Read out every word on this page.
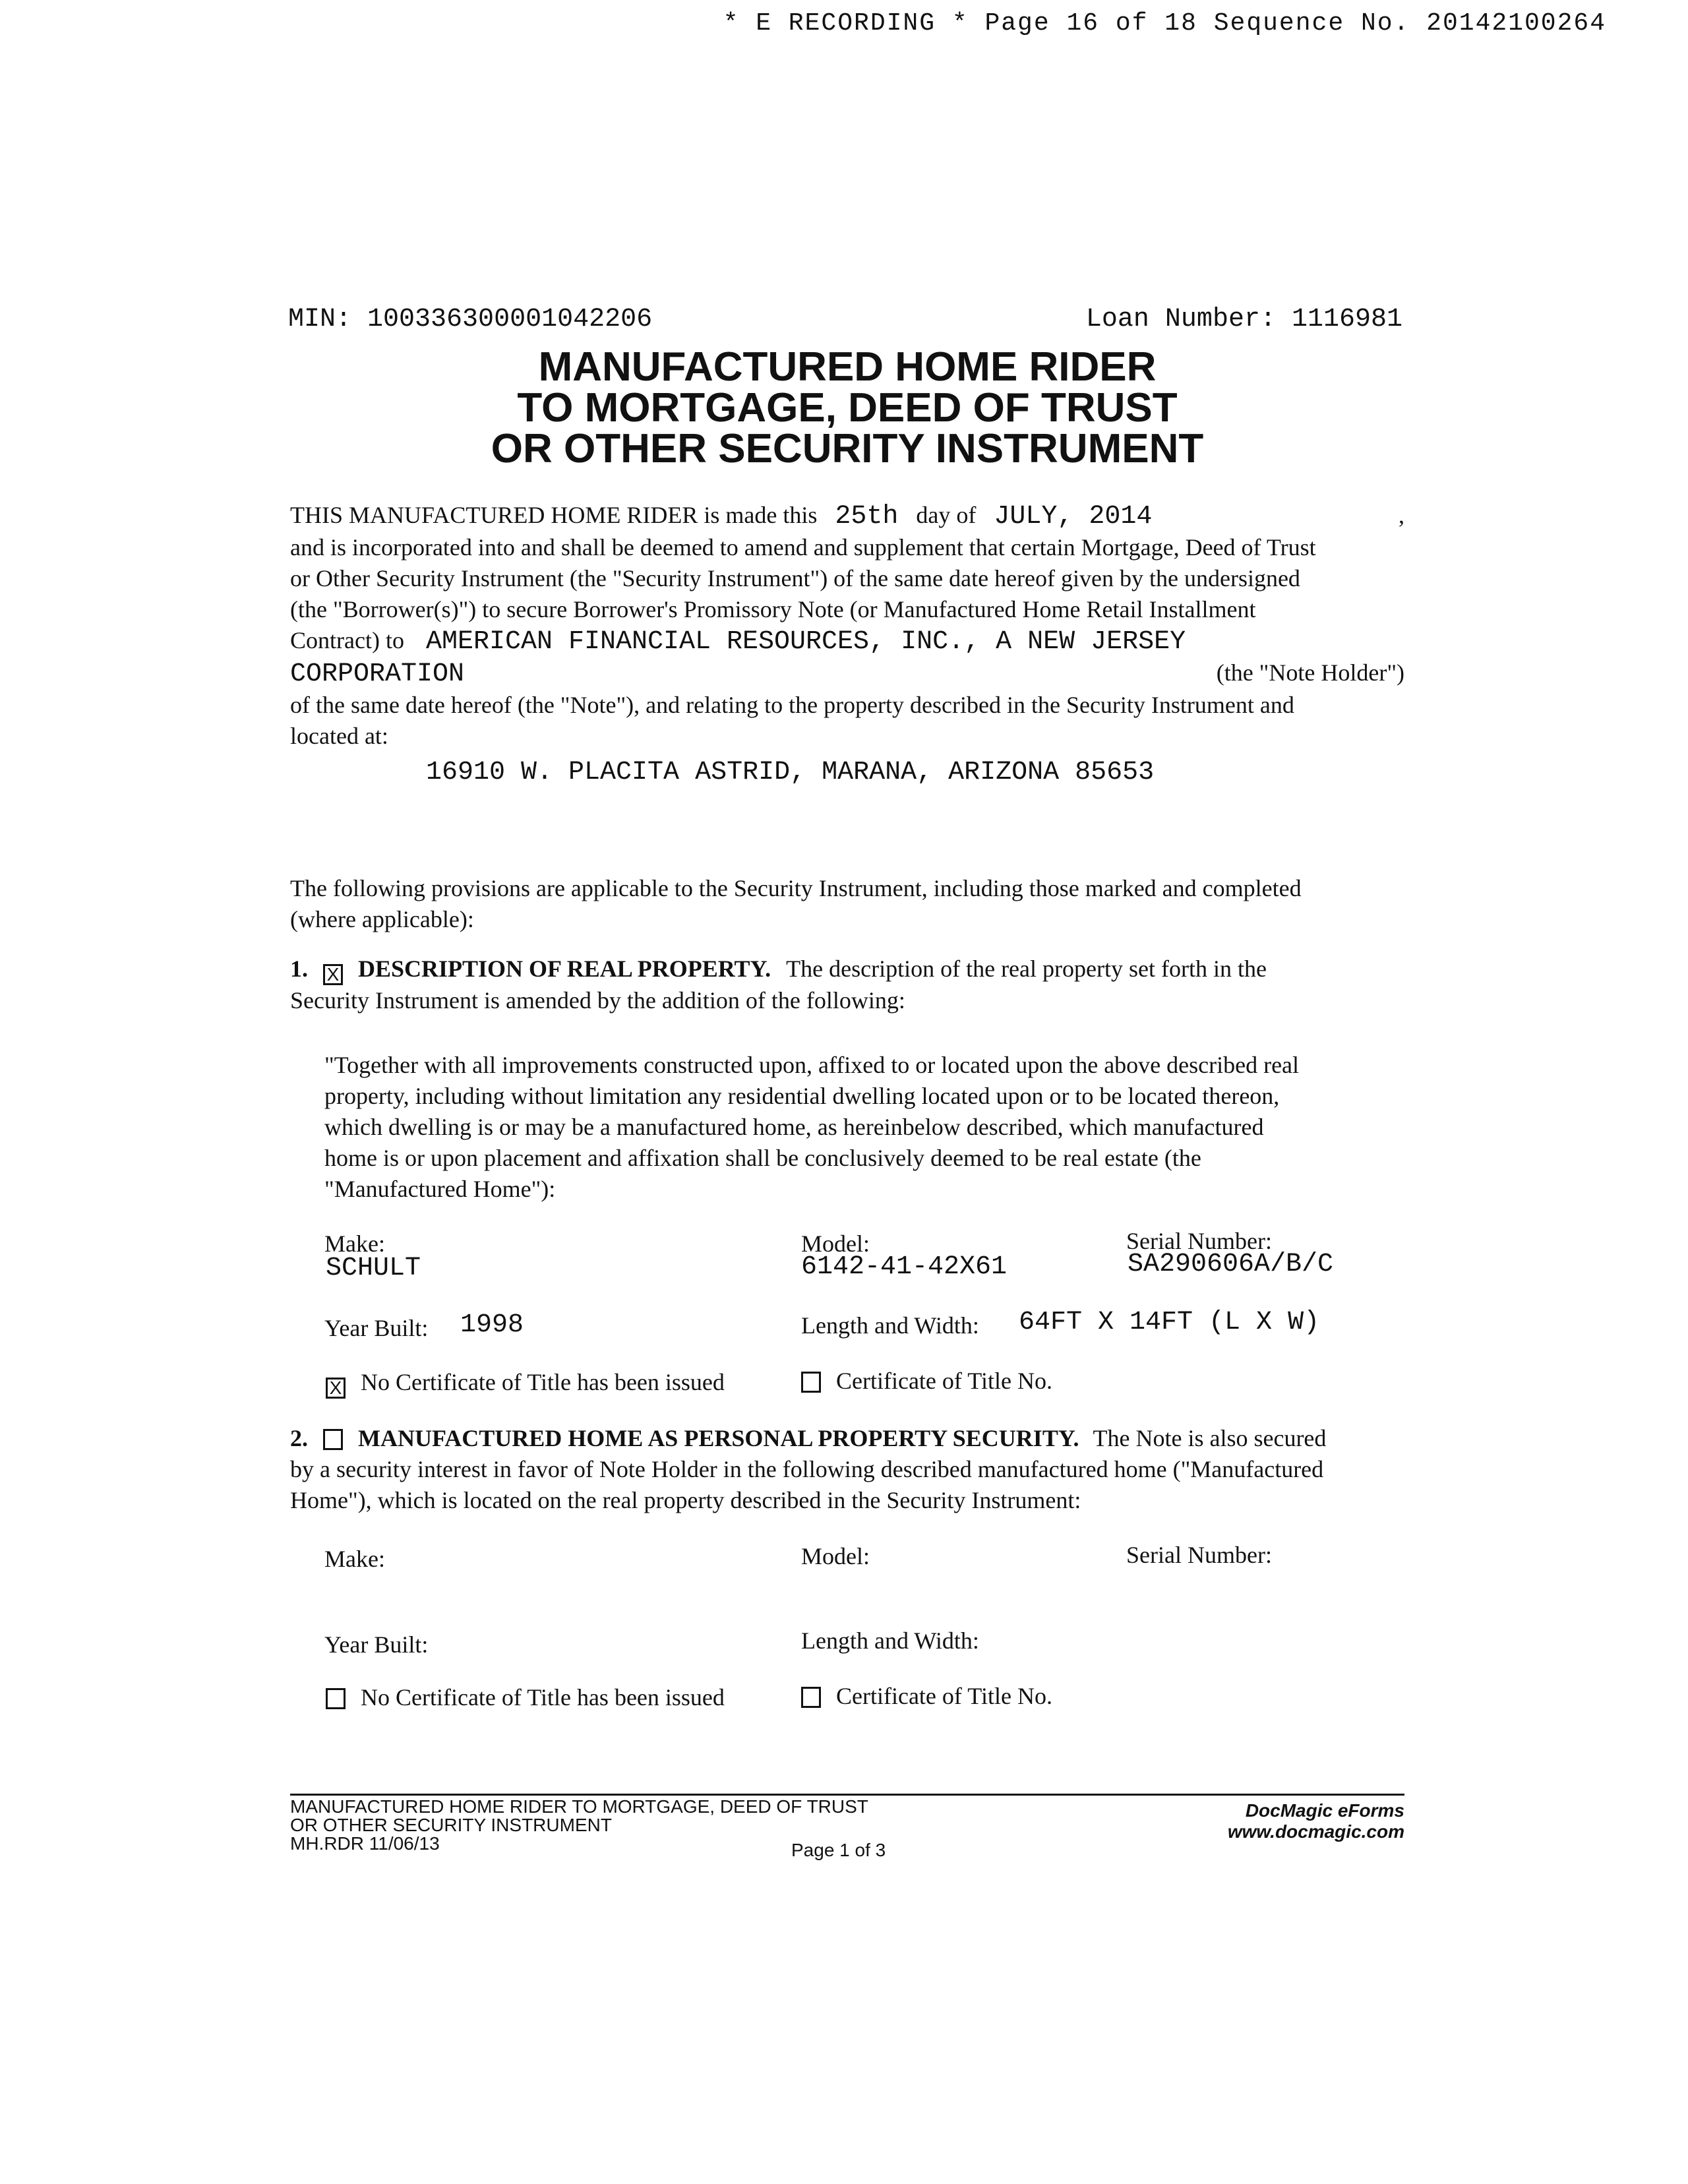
* E RECORDING * Page 16 of 18 Sequence No. 20142100264
MIN: 100336300001042206	Loan Number: 1116981
MANUFACTURED HOME RIDER
TO MORTGAGE, DEED OF TRUST
OR OTHER SECURITY INSTRUMENT
THIS MANUFACTURED HOME RIDER is made this 25th day of JULY, 2014	,
and is incorporated into and shall be deemed to amend and supplement that certain Mortgage, Deed of Trust
or Other Security Instrument (the "Security Instrument") of the same date hereof given by the undersigned
(the "Borrower(s)") to secure Borrower's Promissory Note (or Manufactured Home Retail Installment
Contract) to AMERICAN FINANCIAL RESOURCES, INC., A NEW JERSEY
CORPORATION	(the "Note Holder")
of the same date hereof (the "Note"), and relating to the property described in the Security Instrument and
located at:
16910 W. PLACITA ASTRID, MARANA, ARIZONA 85653
The following provisions are applicable to the Security Instrument, including those marked and completed
(where applicable):
1. X DESCRIPTION OF REAL PROPERTY. The description of the real property set forth in the
Security Instrument is amended by the addition of the following:
"Together with all improvements constructed upon, affixed to or located upon the above described real
property, including without limitation any residential dwelling located upon or to be located thereon,
which dwelling is or may be a manufactured home, as hereinbelow described, which manufactured
home is or upon placement and affixation shall be conclusively deemed to be real estate (the
"Manufactured Home"):
Make:
SCHULT
Model:
6142-41-42X61
Serial Number:
SA290606A/B/C
Year Built: 1998	Length and Width: 64FT X 14FT (L X W)
X No Certificate of Title has been issued	Certificate of Title No.
2. MANUFACTURED HOME AS PERSONAL PROPERTY SECURITY. The Note is also secured
by a security interest in favor of Note Holder in the following described manufactured home ("Manufactured
Home"), which is located on the real property described in the Security Instrument:
Make:	Model:	Serial Number:
Year Built:	Length and Width:
No Certificate of Title has been issued	Certificate of Title No.
MANUFACTURED HOME RIDER TO MORTGAGE, DEED OF TRUST
OR OTHER SECURITY INSTRUMENT
MH.RDR 11/06/13	Page 1 of 3
DocMagic eForms
www.docmagic.com
